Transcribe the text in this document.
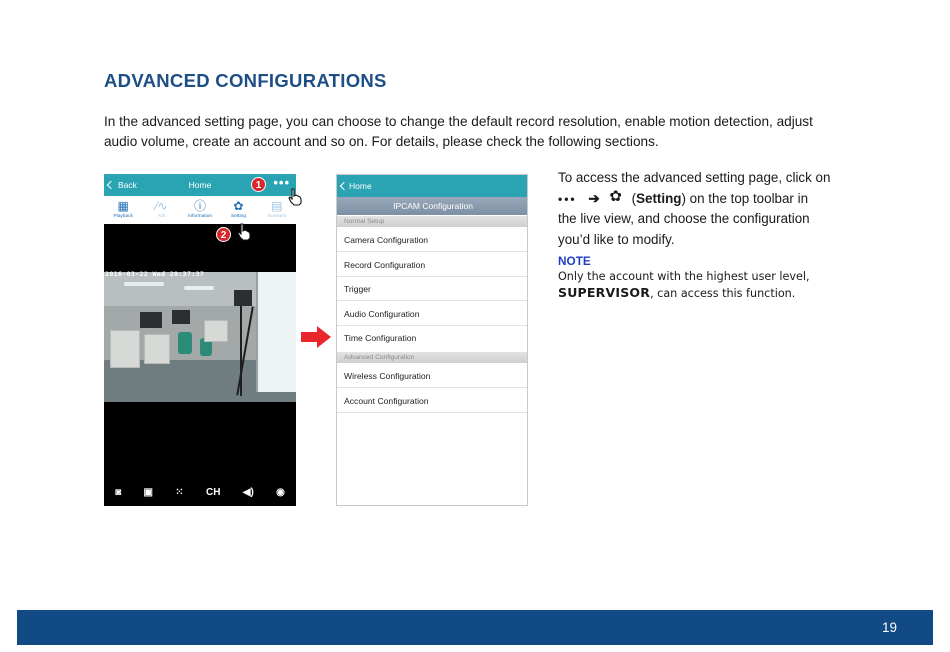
ADVANCED CONFIGURATIONS
In the advanced setting page, you can choose to change the default record resolution, enable motion detection, adjust audio volume, create an account and so on. For details, please check the following sections.
Back	Home	•••
▦
Playback
⁄∿
A/S
ⓘ
Information
✿
Setting
▤
Scenario
2016-03-22 Wed 20:37:37
◙ ▣ ⁙ CH ◀) ◉
1
2
Home
IPCAM Configuration
Normal Setup
Camera Configuration
Record Configuration
Trigger
Audio Configuration
Time Configuration
Advanced Configuration
Wireless Configuration
Account Configuration
To access the advanced setting page, click on
••• ➔ ✿ (Setting) on the top toolbar in
the live view, and choose the configuration
you’d like to modify.
NOTE
Only the account with the highest user level,
SUPERVISOR, can access this function.
19
